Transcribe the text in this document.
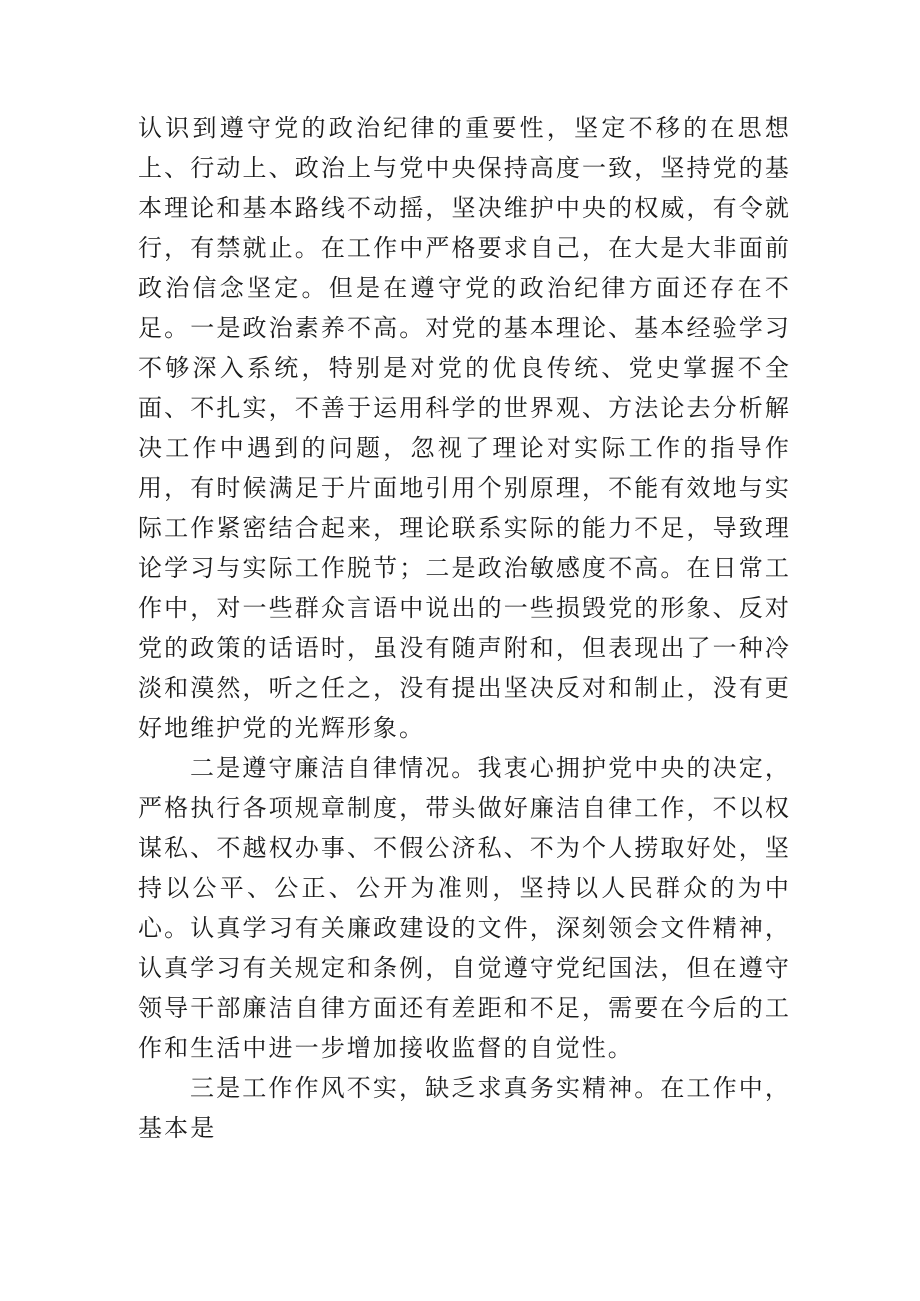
认识到遵守党的政治纪律的重要性，坚定不移的在思想上、行动上、政治上与党中央保持高度一致，坚持党的基本理论和基本路线不动摇，坚决维护中央的权威，有令就行，有禁就止。在工作中严格要求自己，在大是大非面前政治信念坚定。但是在遵守党的政治纪律方面还存在不足。一是政治素养不高。对党的基本理论、基本经验学习不够深入系统，特别是对党的优良传统、党史掌握不全面、不扎实，不善于运用科学的世界观、方法论去分析解决工作中遇到的问题，忽视了理论对实际工作的指导作用，有时候满足于片面地引用个别原理，不能有效地与实际工作紧密结合起来，理论联系实际的能力不足，导致理论学习与实际工作脱节；二是政治敏感度不高。在日常工作中，对一些群众言语中说出的一些损毁党的形象、反对党的政策的话语时，虽没有随声附和，但表现出了一种冷淡和漠然，听之任之，没有提出坚决反对和制止，没有更好地维护党的光辉形象。

二是遵守廉洁自律情况。我衷心拥护党中央的决定，严格执行各项规章制度，带头做好廉洁自律工作，不以权谋私、不越权办事、不假公济私、不为个人捞取好处，坚持以公平、公正、公开为准则，坚持以人民群众的为中心。认真学习有关廉政建设的文件，深刻领会文件精神，认真学习有关规定和条例，自觉遵守党纪国法，但在遵守领导干部廉洁自律方面还有差距和不足，需要在今后的工作和生活中进一步增加接收监督的自觉性。

三是工作作风不实，缺乏求真务实精神。在工作中，基本是
